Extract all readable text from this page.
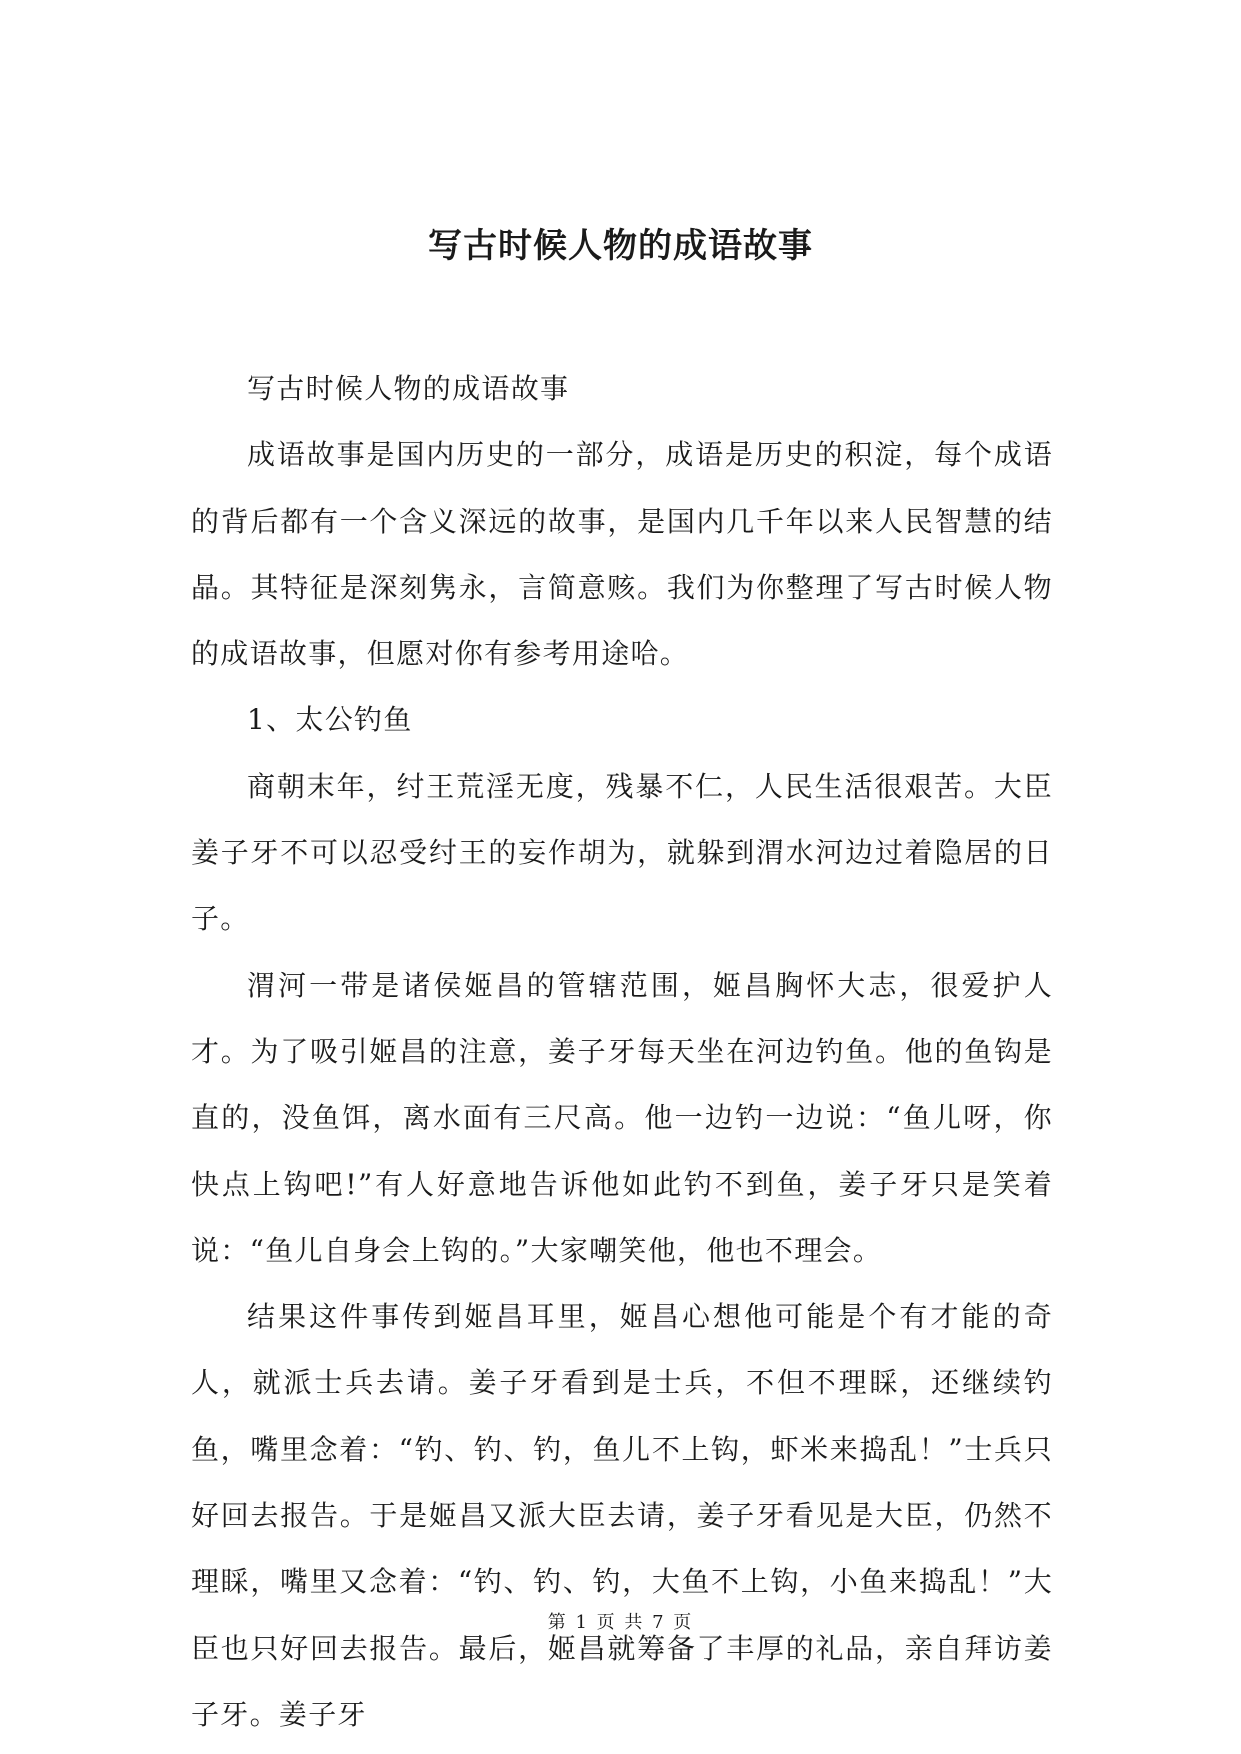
写古时候人物的成语故事

写古时候人物的成语故事

成语故事是国内历史的一部分，成语是历史的积淀，每个成语的背后都有一个含义深远的故事，是国内几千年以来人民智慧的结晶。其特征是深刻隽永，言简意赅。我们为你整理了写古时候人物的成语故事，但愿对你有参考用途哈。

1、太公钓鱼

商朝末年，纣王荒淫无度，残暴不仁，人民生活很艰苦。大臣姜子牙不可以忍受纣王的妄作胡为，就躲到渭水河边过着隐居的日子。

渭河一带是诸侯姬昌的管辖范围，姬昌胸怀大志，很爱护人才。为了吸引姬昌的注意，姜子牙每天坐在河边钓鱼。他的鱼钩是直的，没鱼饵，离水面有三尺高。他一边钓一边说：“鱼儿呀，你快点上钩吧!”有人好意地告诉他如此钓不到鱼，姜子牙只是笑着说：“鱼儿自身会上钩的。”大家嘲笑他，他也不理会。

结果这件事传到姬昌耳里，姬昌心想他可能是个有才能的奇人，就派士兵去请。姜子牙看到是士兵，不但不理睬，还继续钓鱼，嘴里念着：“钓、钓、钓，鱼儿不上钩，虾米来捣乱！”士兵只好回去报告。于是姬昌又派大臣去请，姜子牙看见是大臣，仍然不理睬，嘴里又念着：“钓、钓、钓，大鱼不上钩，小鱼来捣乱！”大臣也只好回去报告。最后，姬昌就筹备了丰厚的礼品，亲自拜访姜子牙。姜子牙

第 1 页 共 7 页
